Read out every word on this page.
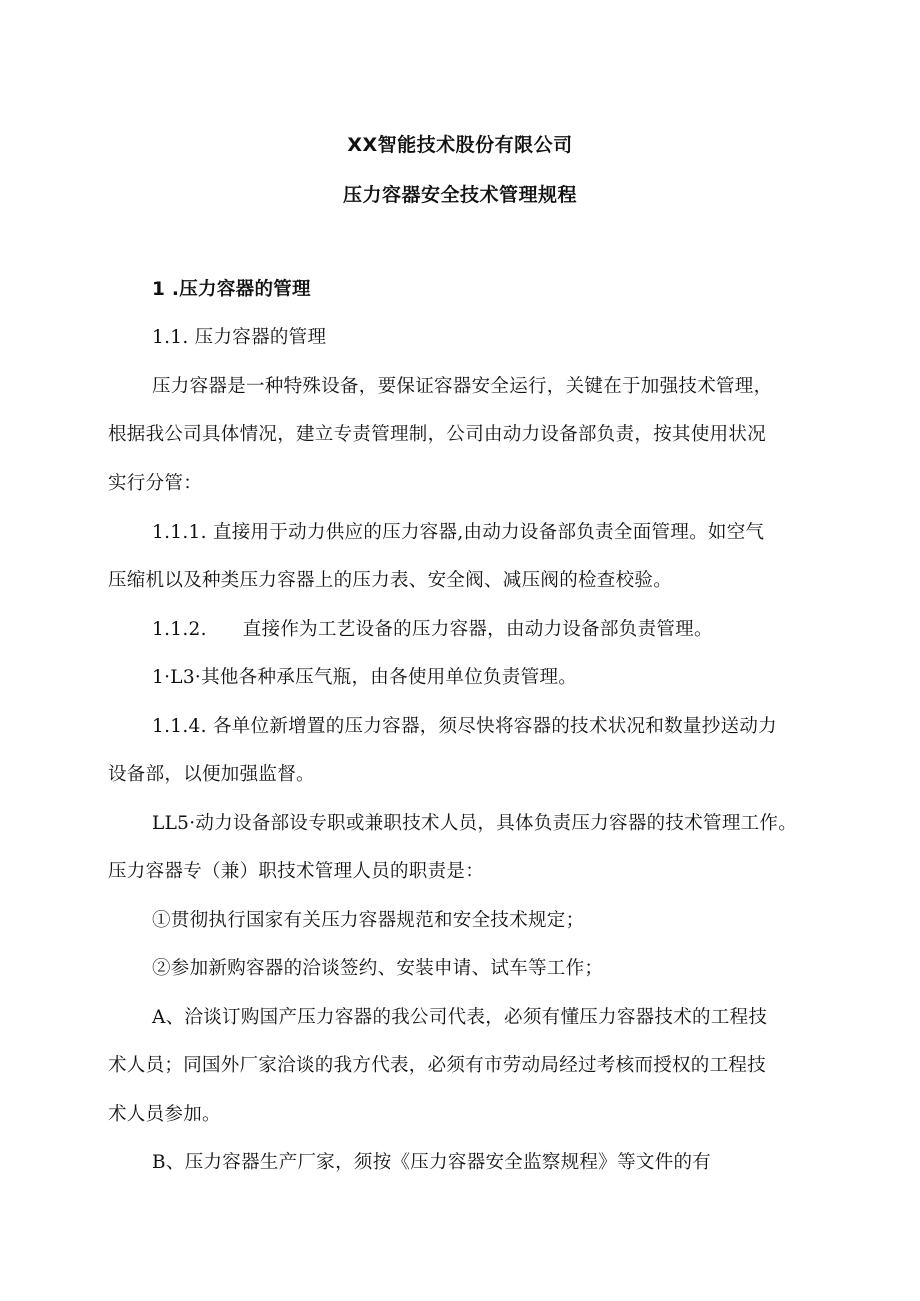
XX智能技术股份有限公司
压力容器安全技术管理规程
1 .压力容器的管理
1.1. 压力容器的管理
压力容器是一种特殊设备，要保证容器安全运行，关键在于加强技术管理，
根据我公司具体情况，建立专责管理制，公司由动力设备部负责，按其使用状况
实行分管：
1.1.1. 直接用于动力供应的压力容器,由动力设备部负责全面管理。如空气
压缩机以及种类压力容器上的压力表、安全阀、减压阀的检查校验。
1.1.2. 直接作为工艺设备的压力容器，由动力设备部负责管理。
1·L3·其他各种承压气瓶，由各使用单位负责管理。
1.1.4. 各单位新增置的压力容器，须尽快将容器的技术状况和数量抄送动力
设备部，以便加强监督。
LL5·动力设备部设专职或兼职技术人员，具体负责压力容器的技术管理工作。
压力容器专（兼）职技术管理人员的职责是：
①贯彻执行国家有关压力容器规范和安全技术规定；
②参加新购容器的洽谈签约、安装申请、试车等工作；
A、洽谈订购国产压力容器的我公司代表，必须有懂压力容器技术的工程技
术人员；同国外厂家洽谈的我方代表，必须有市劳动局经过考核而授权的工程技
术人员参加。
B、压力容器生产厂家，须按《压力容器安全监察规程》等文件的有
